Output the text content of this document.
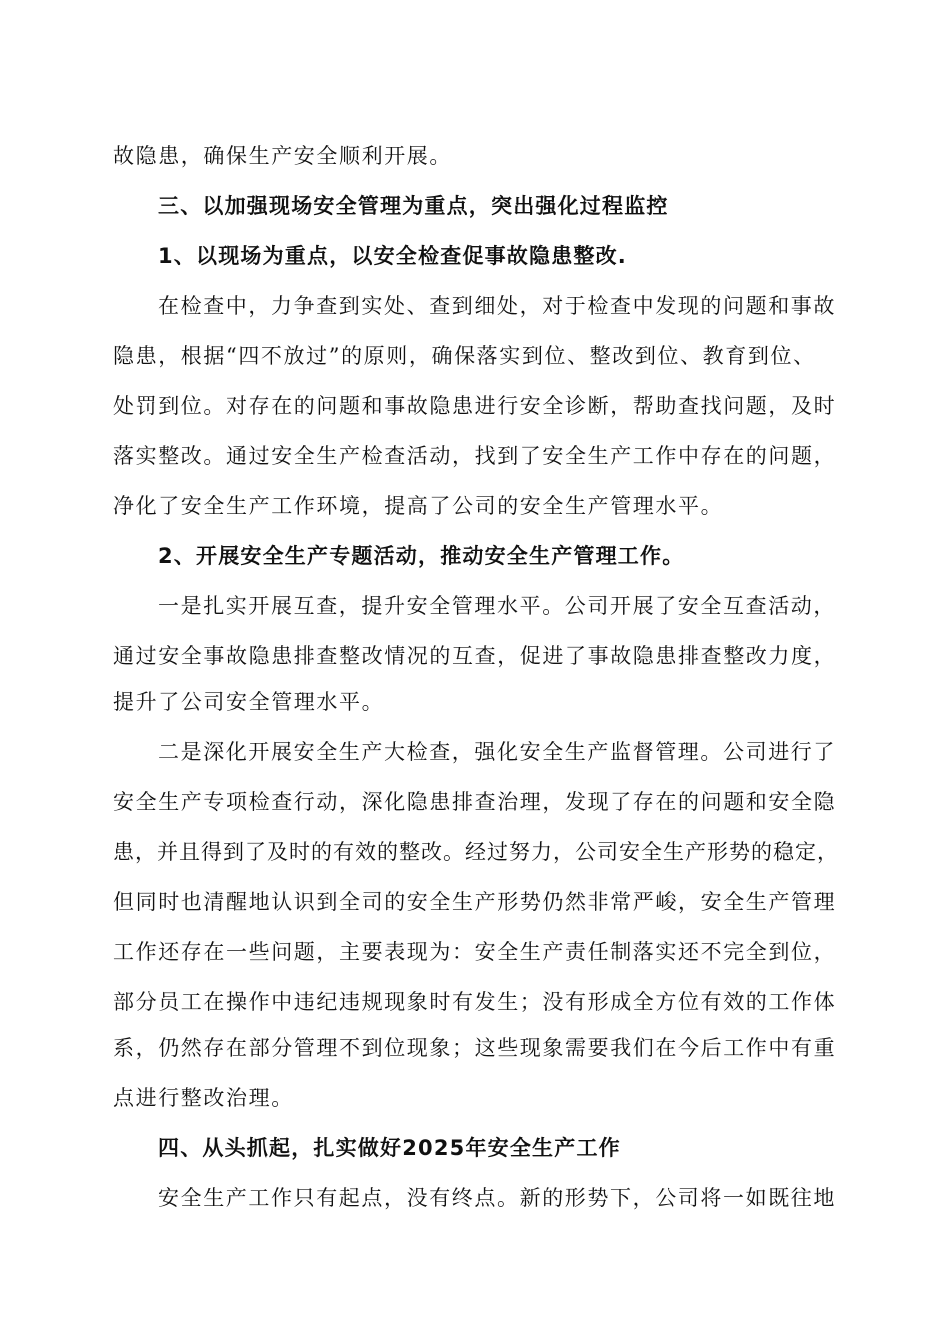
故隐患，确保生产安全顺利开展。
三、以加强现场安全管理为重点，突出强化过程监控
1、以现场为重点，以安全检查促事故隐患整改.
在检查中，力争查到实处、查到细处，对于检查中发现的问题和事故
隐患，根据“四不放过”的原则，确保落实到位、整改到位、教育到位、
处罚到位。对存在的问题和事故隐患进行安全诊断，帮助查找问题，及时
落实整改。通过安全生产检查活动，找到了安全生产工作中存在的问题，
净化了安全生产工作环境，提高了公司的安全生产管理水平。
2、开展安全生产专题活动，推动安全生产管理工作。
一是扎实开展互查，提升安全管理水平。公司开展了安全互查活动，
通过安全事故隐患排查整改情况的互查，促进了事故隐患排查整改力度，
提升了公司安全管理水平。
二是深化开展安全生产大检查，强化安全生产监督管理。公司进行了
安全生产专项检查行动，深化隐患排查治理，发现了存在的问题和安全隐
患，并且得到了及时的有效的整改。经过努力，公司安全生产形势的稳定，
但同时也清醒地认识到全司的安全生产形势仍然非常严峻，安全生产管理
工作还存在一些问题，主要表现为：安全生产责任制落实还不完全到位，
部分员工在操作中违纪违规现象时有发生；没有形成全方位有效的工作体
系，仍然存在部分管理不到位现象；这些现象需要我们在今后工作中有重
点进行整改治理。
四、从头抓起，扎实做好2025年安全生产工作
安全生产工作只有起点，没有终点。新的形势下，公司将一如既往地
